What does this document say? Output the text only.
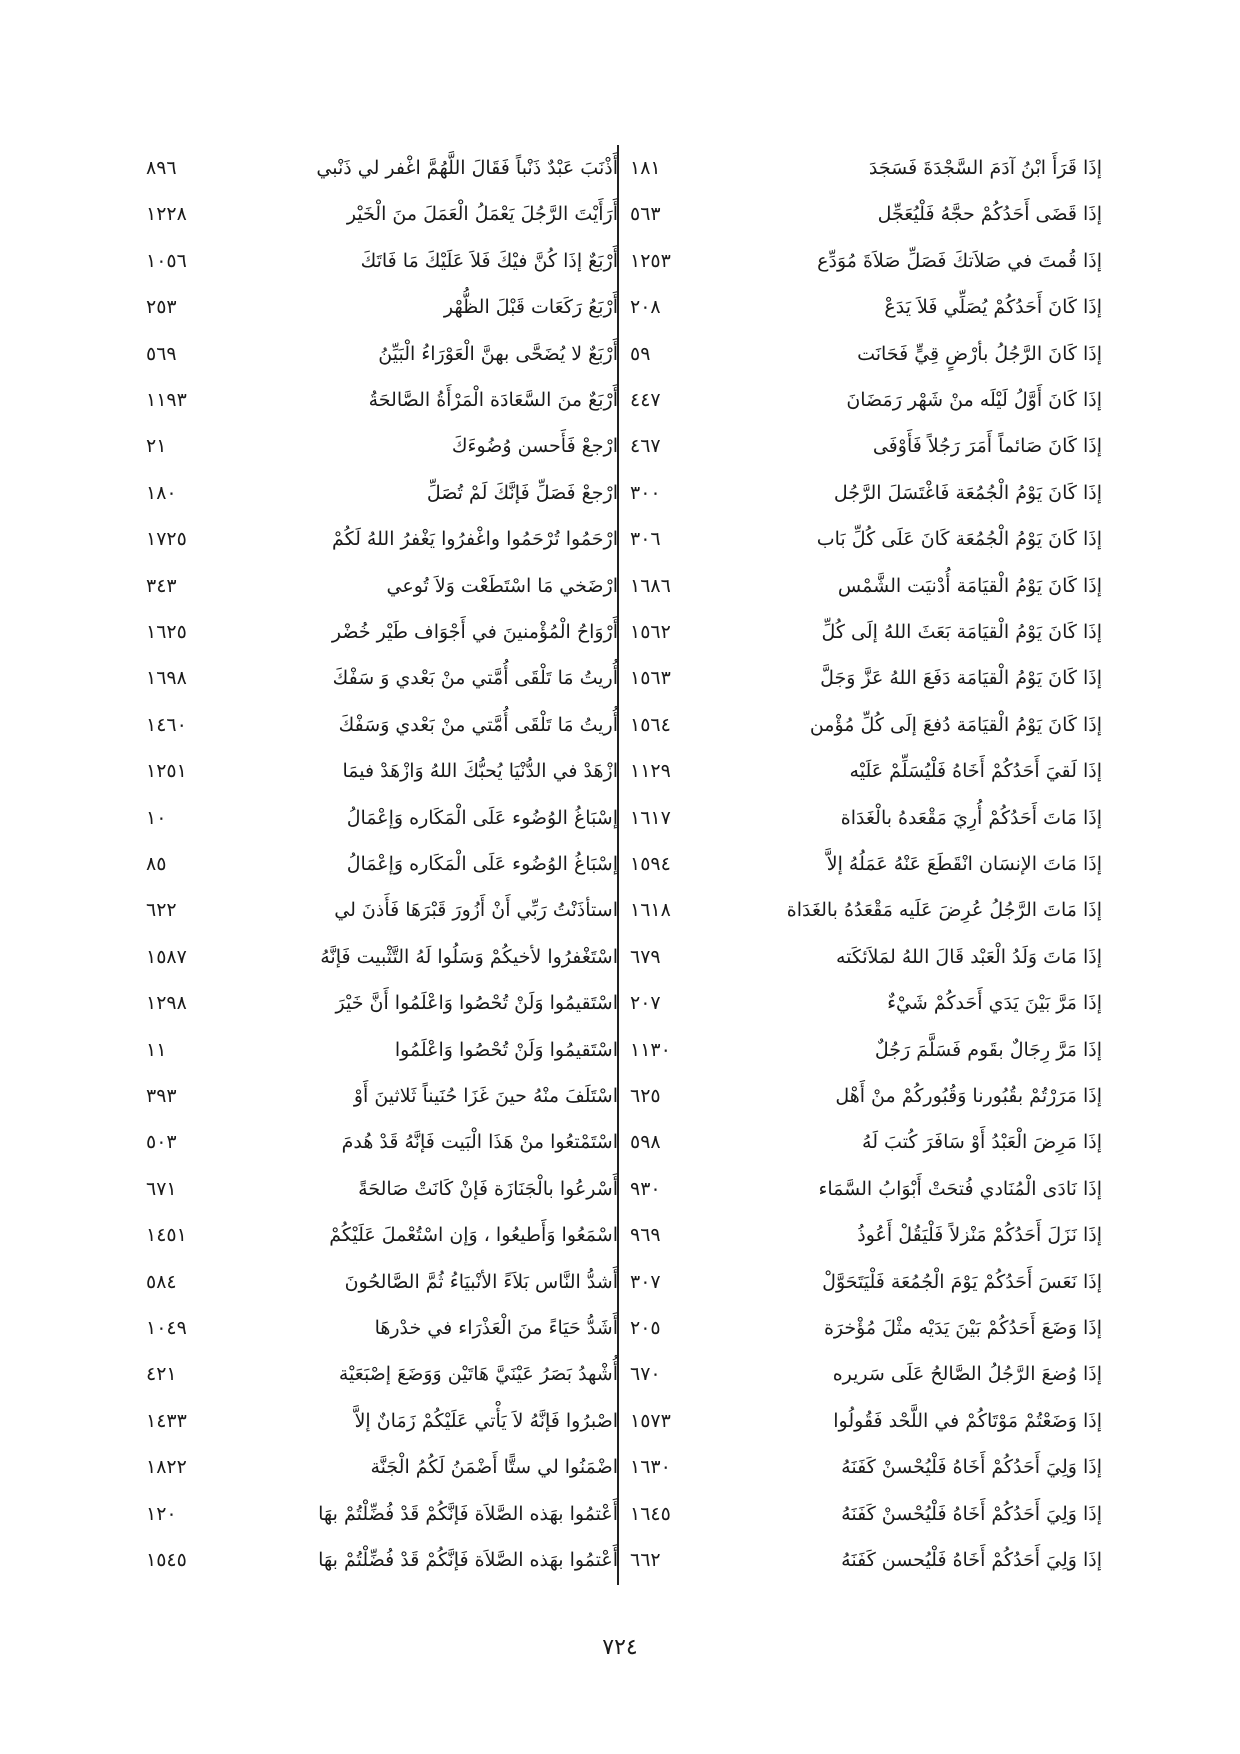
إذَا قَرَأَ ابْنُ آدَمَ السَّجْدَةَ فَسَجَدَ
١٨١
إذَا قَضَى أَحَدُكُمْ حجَّهُ فَلْيُعَجِّل
٥٦٣
إذَا قُمتَ في صَلاَتكَ فَصَلِّ صَلاَةَ مُوَدِّع
١٢٥٣
إذَا كَانَ أَحَدُكُمْ يُصَلِّي فَلاَ يَدَعْ
٢٠٨
إذَا كَانَ الرَّجُلُ بأرْضٍ قِيٍّ فَحَانَت
٥٩
إذَا كَانَ أَوَّلُ لَيْلَه منْ شَهْر رَمَضَانَ
٤٤٧
إذَا كَانَ صَائماً أَمَرَ رَجُلاً فَأَوْفَى
٤٦٧
إذَا كَانَ يَوْمُ الْجُمُعَة فَاغْتَسَلَ الرَّجُل
٣٠٠
إذَا كَانَ يَوْمُ الْجُمُعَة كَانَ عَلَى كُلِّ بَاب
٣٠٦
إذَا كَانَ يَوْمُ الْقيَامَة أُدْنيَت الشَّمْس
١٦٨٦
إذَا كَانَ يَوْمُ الْقيَامَة بَعَثَ اللهُ إلَى كُلِّ
١٥٦٢
إذَا كَانَ يَوْمُ الْقيَامَة دَفَعَ اللهُ عَزَّ وَجَلَّ
١٥٦٣
إذَا كَانَ يَوْمُ الْقيَامَة دُفعَ إلَى كُلِّ مُؤْمن
١٥٦٤
إذَا لَقيَ أَحَدُكُمْ أَخَاهُ فَلْيُسَلِّمْ عَلَيْه
١١٢٩
إذَا مَاتَ أَحَدُكُمْ أُرِيَ مَقْعَدهُ بالْغَدَاة
١٦١٧
إذَا مَاتَ الإنسَان انْقَطَعَ عَنْهُ عَمَلُهُ إلاَّ
١٥٩٤
إذَا مَاتَ الرَّجُلُ عُرِضَ عَلَيه مَقْعَدُهُ بالغَدَاة
١٦١٨
إذَا مَاتَ وَلَدُ الْعَبْد قَالَ اللهُ لمَلاَئكَته
٦٧٩
إذَا مَرَّ بَيْنَ يَدَي أَحَدكُمْ شَيْءٌ
٢٠٧
إذَا مَرَّ رِجَالٌ بقَوم فَسَلَّمَ رَجُلٌ
١١٣٠
إذَا مَرَرْتُمْ بقُبُورنا وَقُبُوركُمْ منْ أَهْل
٦٢٥
إذَا مَرِضَ الْعَبْدُ أَوْ سَافَرَ كُتبَ لَهُ
٥٩٨
إذَا نَادَى الْمُنَادي فُتحَتْ أَبْوَابُ السَّمَاء
٩٣٠
إذَا نَزَلَ أَحَدُكُمْ مَنْزلاً فَلْيَقُلْ أَعُوذُ
٩٦٩
إذَا نَعَسَ أَحَدُكُمْ يَوْمَ الْجُمُعَة فَلْيَتَحَوَّلْ
٣٠٧
إذَا وَضَعَ أَحَدُكُمْ بَيْنَ يَدَيْه مثْلَ مُؤْخرَة
٢٠٥
إذَا وُضعَ الرَّجُلُ الصَّالحُ عَلَى سَريره
٦٧٠
إذَا وَضَعْتُمْ مَوْتَاكُمْ في اللَّحْد فَقُولُوا
١٥٧٣
إذَا وَلِيَ أَحَدُكُمْ أَخَاهُ فَلْيُحْسنْ كَفَنَهُ
١٦٣٠
إذَا وَلِيَ أَحَدُكُمْ أَخَاهُ فَلْيُحْسنْ كَفَنَهُ
١٦٤٥
إذَا وَلِيَ أَحَدُكُمْ أَخَاهُ فَلْيُحسن كَفَنَهُ
٦٦٢
أَذْنَبَ عَبْدٌ ذَنْباً فَقَالَ اللَّهُمَّ اغْفر لي ذَنْبي
٨٩٦
أَرَأَيْتَ الرَّجُلَ يَعْمَلُ الْعَمَلَ منَ الْخَيْر
١٢٢٨
أَرْبَعٌ إذَا كُنَّ فيْكَ فَلاَ عَلَيْكَ مَا فَاتَكَ
١٠٥٦
أَرْبَعُ رَكَعَات قَبْلَ الظُّهْر
٢٥٣
أَرْبَعٌ لا يُضَحَّى بهنَّ الْعَوْرَاءُ الْبَيِّنُ
٥٦٩
أَرْبَعٌ منَ السَّعَادَة الْمَرْأَةُ الصَّالحَةُ
١١٩٣
ارْجعْ فَأَحسن وُضُوءَكَ
٢١
ارْجعْ فَصَلِّ فَإنَّكَ لَمْ تُصَلِّ
١٨٠
ارْحَمُوا تُرْحَمُوا واغْفرُوا يَغْفرُ اللهُ لَكُمْ
١٧٢٥
ارْضَخي مَا اسْتَطَعْت وَلاَ تُوعي
٣٤٣
أَرْوَاحُ الْمُؤْمنينَ في أَجْوَاف طَيْر خُضْر
١٦٢٥
أُريتُ مَا تَلْقَى أُمَّتي منْ بَعْدي وَ سَفْكَ
١٦٩٨
أُريتُ مَا تَلْقَى أُمَّتي منْ بَعْدي وَسَفْكَ
١٤٦٠
ازْهَدْ في الدُّنْيَا يُحبُّكَ اللهُ وَازْهَدْ فيمَا
١٢٥١
إسْبَاغُ الوُضُوء عَلَى الْمَكَاره وَإعْمَالُ
١٠
إسْبَاغُ الوُضُوء عَلَى الْمَكَاره وَإعْمَالُ
٨٥
استأذَنْتُ رَبِّي أَنْ أَزُورَ قَبْرَهَا فَأَذنَ لي
٦٢٢
اسْتَغْفرُوا لأخيكُمْ وَسَلُوا لَهُ التَّثْبيت فَإنَّهُ
١٥٨٧
اسْتَقيمُوا وَلَنْ تُحْصُوا وَاعْلَمُوا أَنَّ خَيْرَ
١٢٩٨
اسْتَقيمُوا وَلَنْ تُحْصُوا وَاعْلَمُوا
١١
اسْتَلَفَ منْهُ حينَ غَزَا حُنَيناً ثَلاثينَ أَوْ
٣٩٣
اسْتَمْتعُوا منْ هَذَا الْبَيت فَإنَّهُ قَدْ هُدمَ
٥٠٣
أَسْرعُوا بالْجَنَازَة فَإنْ كَانَتْ صَالحَةً
٦٧١
اسْمَعُوا وَأَطيعُوا ، وَإن اسْتُعْملَ عَلَيْكُمْ
١٤٥١
أَشدُّ النَّاس بَلاَءً الأنْبيَاءُ ثُمَّ الصَّالحُونَ
٥٨٤
أَشَدُّ حَيَاءً منَ الْعَذْرَاء في خدْرهَا
١٠٤٩
أُشْهدُ بَصَرُ عَيْنَيَّ هَاتَيْن وَوَضَعَ إصْبَعَيْة
٤٢١
اصْبرُوا فَإنَّهُ لاَ يَأْتي عَلَيْكُمْ زَمَانٌ إلاَّ
١٤٣٣
اضْمَنُوا لي ستًّا أَضْمَنُ لَكُمُ الْجَنَّة
١٨٢٢
أَعْتمُوا بهَذه الصَّلاَة فَإنَّكُمْ قَدْ فُضِّلْتُمْ بهَا
١٢٠
أَعْتمُوا بهَذه الصَّلاَة فَإنَّكُمْ قَدْ فُضِّلْتُمْ بهَا
١٥٤٥
٧٢٤
